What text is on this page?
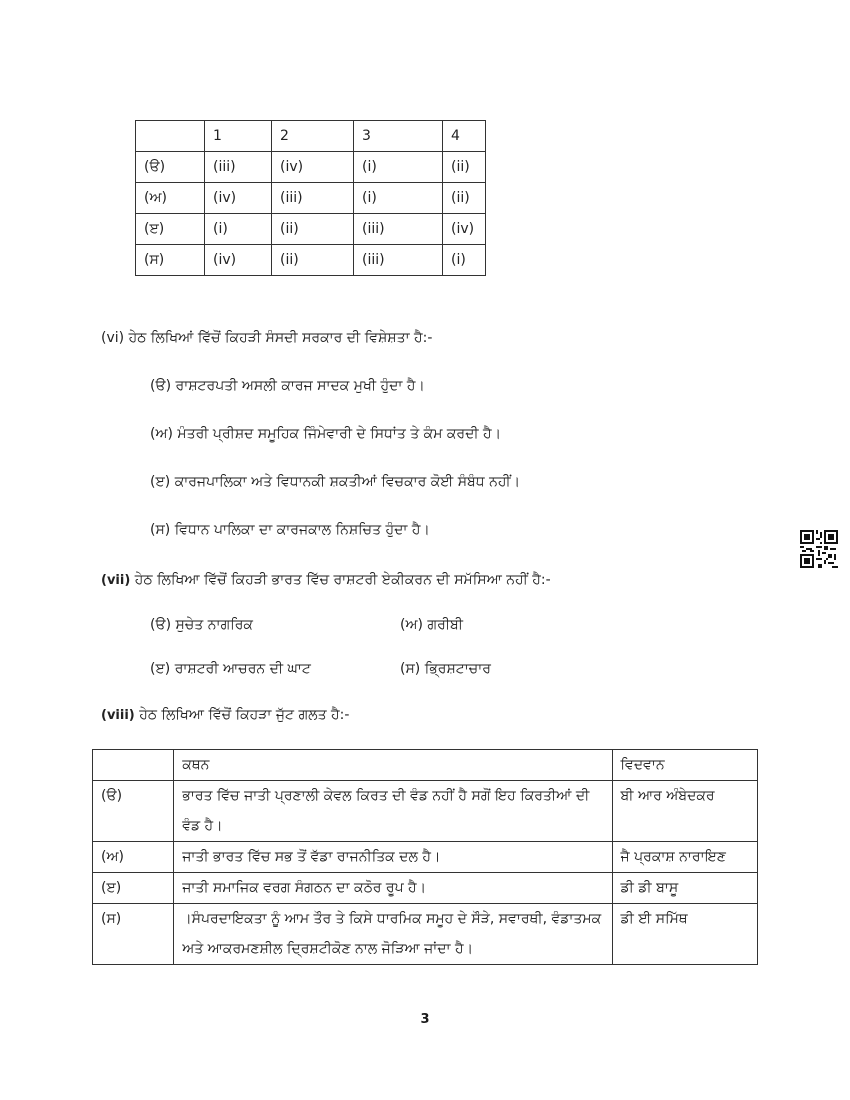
	1	2	3	4
(ੳ)	(iii)	(iv)	(i)	(ii)
(ਅ)	(iv)	(iii)	(i)	(ii)
(ੲ)	(i)	(ii)	(iii)	(iv)
(ਸ)	(iv)	(ii)	(iii)	(i)
(vi) ਹੇਠ ਲਿਖਿਆਂ ਵਿੱਚੋਂ ਕਿਹੜੀ ਸੰਸਦੀ ਸਰਕਾਰ ਦੀ ਵਿਸ਼ੇਸ਼ਤਾ ਹੈ:-
(ੳ) ਰਾਸ਼ਟਰਪਤੀ ਅਸਲੀ ਕਾਰਜ ਸਾਦਕ ਮੁਖੀ ਹੁੰਦਾ ਹੈ।
(ਅ) ਮੰਤਰੀ ਪ੍ਰੀਸ਼ਦ ਸਮੂਹਿਕ ਜਿੰਮੇਵਾਰੀ ਦੇ ਸਿਧਾਂਤ ਤੇ ਕੰਮ ਕਰਦੀ ਹੈ।
(ੲ) ਕਾਰਜਪਾਲਿਕਾ ਅਤੇ ਵਿਧਾਨਕੀ ਸ਼ਕਤੀਆਂ ਵਿਚਕਾਰ ਕੋਈ ਸੰਬੰਧ ਨਹੀਂ।
(ਸ) ਵਿਧਾਨ ਪਾਲਿਕਾ ਦਾ ਕਾਰਜਕਾਲ ਨਿਸ਼ਚਿਤ ਹੁੰਦਾ ਹੈ।
(vii) ਹੇਠ ਲਿਖਿਆ ਵਿੱਚੋਂ ਕਿਹੜੀ ਭਾਰਤ ਵਿੱਚ ਰਾਸ਼ਟਰੀ ਏਕੀਕਰਨ ਦੀ ਸਮੱਸਿਆ ਨਹੀਂ ਹੈ:-
(ੳ) ਸੁਚੇਤ ਨਾਗਰਿਕ	(ਅ) ਗਰੀਬੀ
(ੲ) ਰਾਸ਼ਟਰੀ ਆਚਰਨ ਦੀ ਘਾਟ	(ਸ) ਭ੍ਰਿਸ਼ਟਾਚਾਰ
(viii) ਹੇਠ ਲਿਖਿਆ ਵਿੱਚੋਂ ਕਿਹੜਾ ਜੁੱਟ ਗਲਤ ਹੈ:-
	ਕਥਨ	ਵਿਦਵਾਨ
(ੳ)	ਭਾਰਤ ਵਿੱਚ ਜਾਤੀ ਪ੍ਰਣਾਲੀ ਕੇਵਲ ਕਿਰਤ ਦੀ ਵੰਡ ਨਹੀਂ ਹੈ ਸਗੋਂ ਇਹ ਕਿਰਤੀਆਂ ਦੀ ਵੰਡ ਹੈ।	ਬੀ ਆਰ ਅੰਬੇਦਕਰ
(ਅ)	ਜਾਤੀ ਭਾਰਤ ਵਿੱਚ ਸਭ ਤੋਂ ਵੱਡਾ ਰਾਜਨੀਤਿਕ ਦਲ ਹੈ।	ਜੈ ਪ੍ਰਕਾਸ਼ ਨਾਰਾਇਣ
(ੲ)	ਜਾਤੀ ਸਮਾਜਿਕ ਵਰਗ ਸੰਗਠਨ ਦਾ ਕਠੋਰ ਰੂਪ ਹੈ।	ਡੀ ਡੀ ਬਾਸੂ
(ਸ)	।ਸੰਪਰਦਾਇਕਤਾ ਨੂੰ ਆਮ ਤੌਰ ਤੇ ਕਿਸੇ ਧਾਰਮਿਕ ਸਮੂਹ ਦੇ ਸੌੜੇ, ਸਵਾਰਥੀ, ਵੰਡਾਤਮਕ ਅਤੇ ਆਕਰਮਣਸ਼ੀਲ ਦ੍ਰਿਸ਼ਟੀਕੋਣ ਨਾਲ ਜੋੜਿਆ ਜਾਂਦਾ ਹੈ।	ਡੀ ਈ ਸਮਿੱਥ
3
